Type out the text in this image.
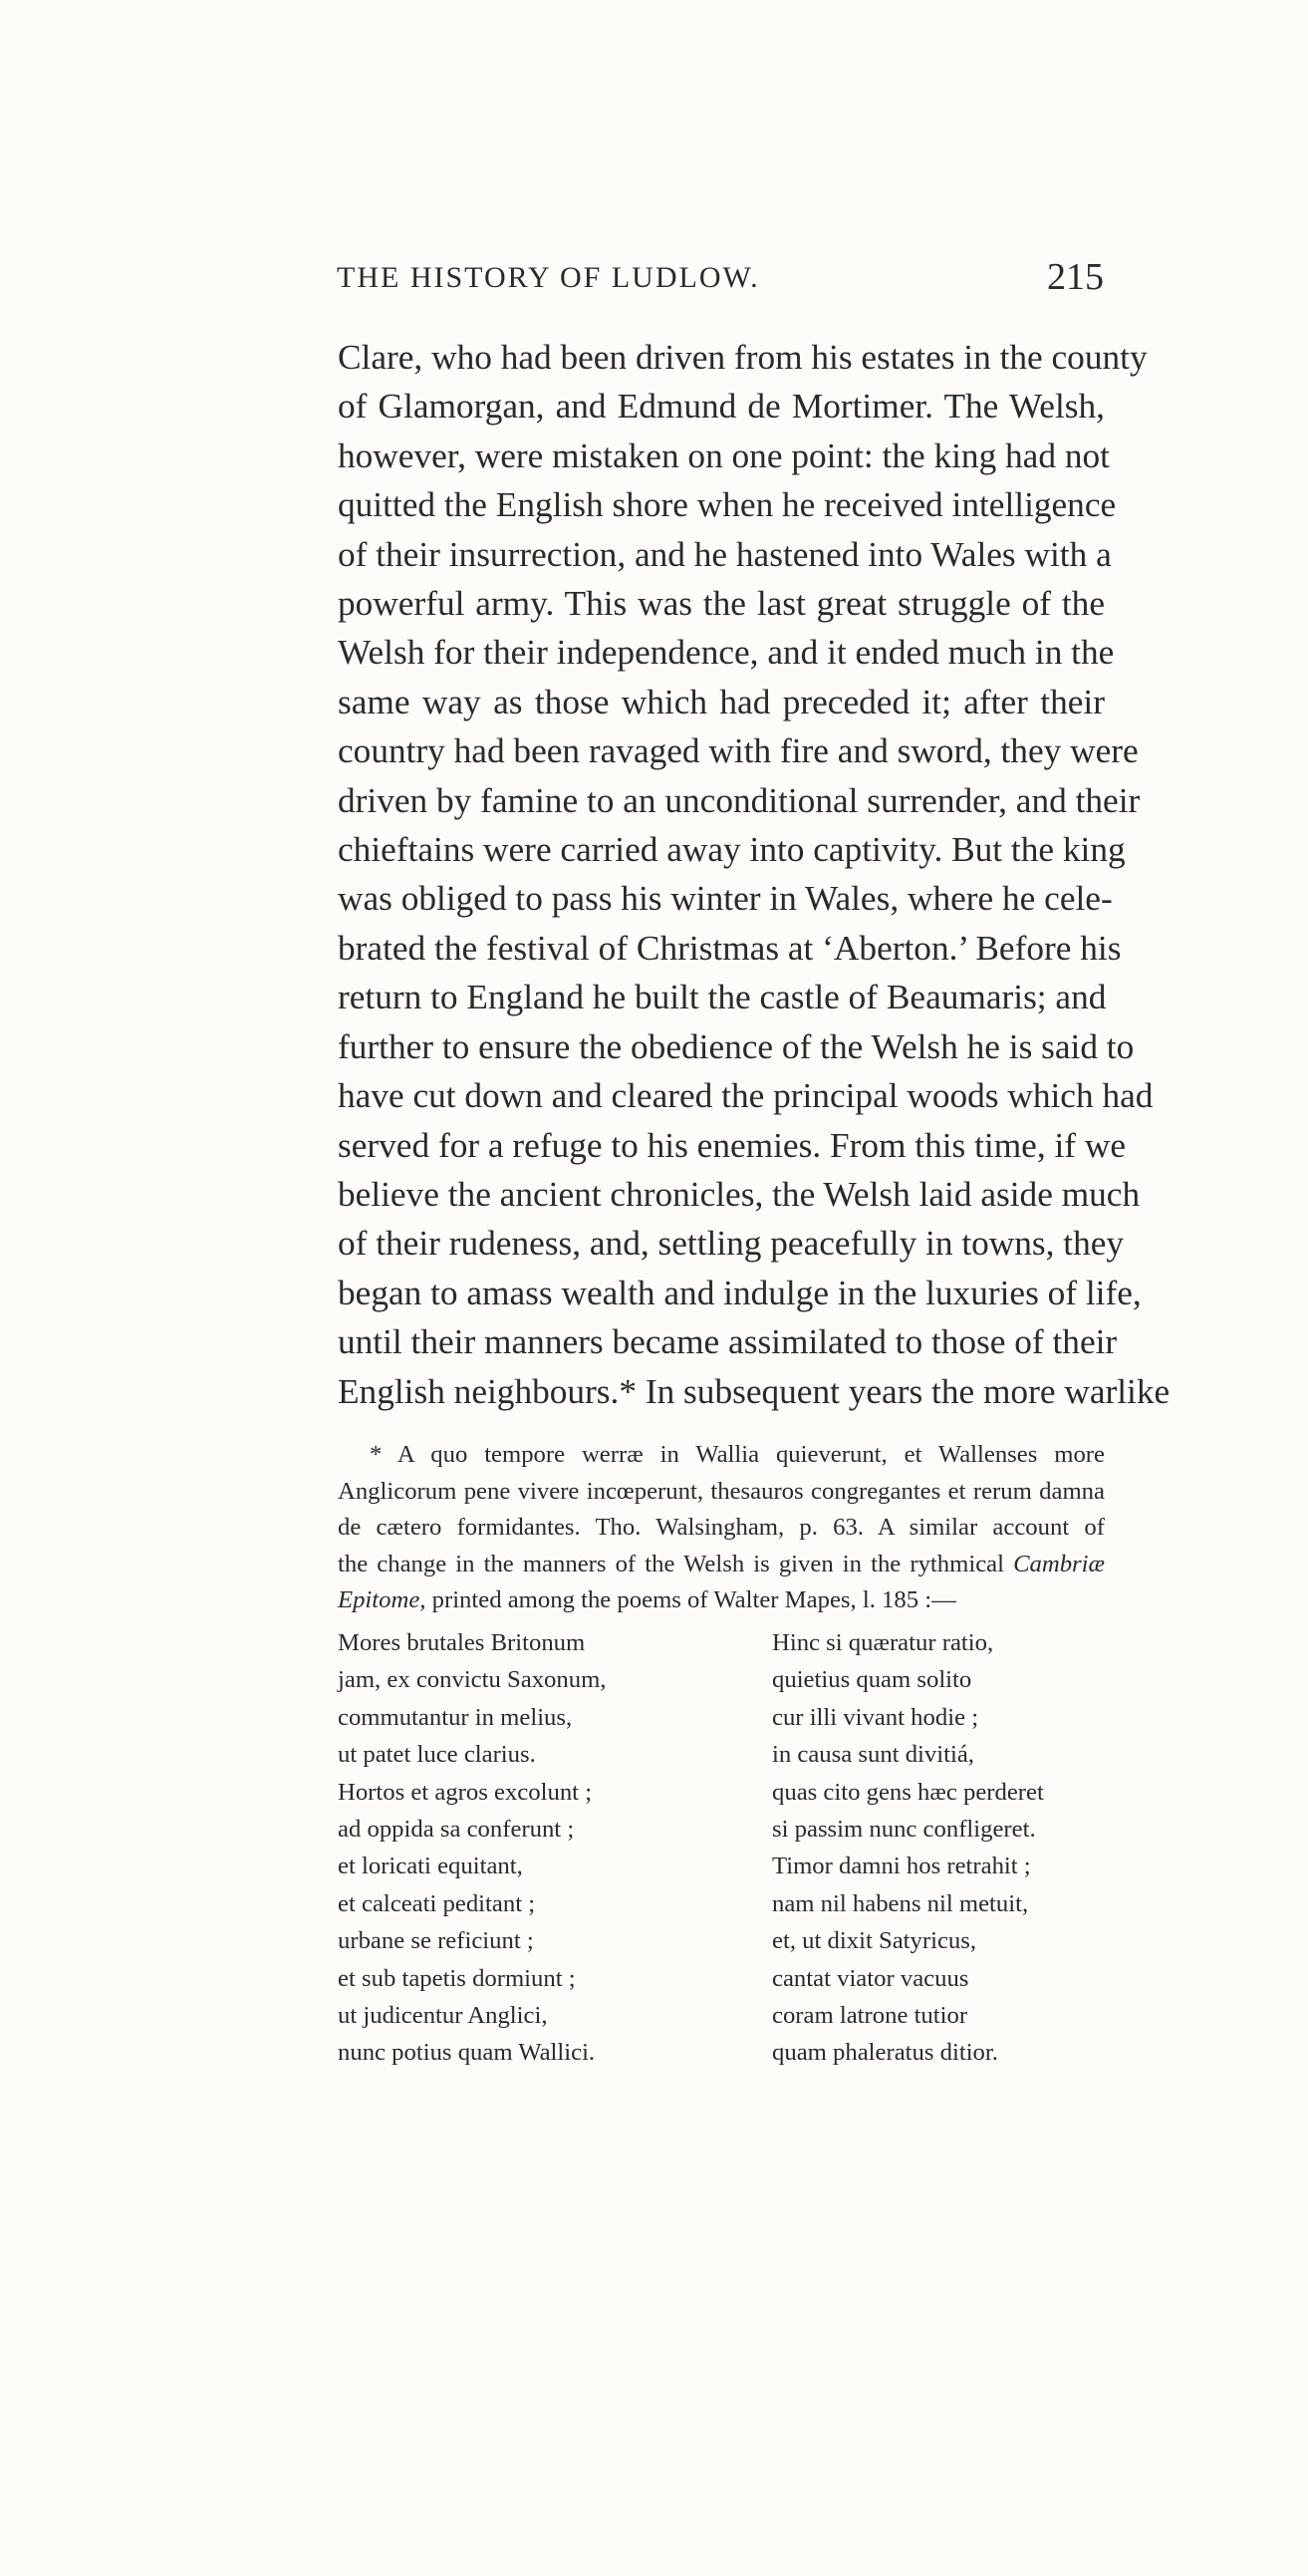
THE HISTORY OF LUDLOW.	215
Clare, who had been driven from his estates in the county
of Glamorgan, and Edmund de Mortimer. The Welsh,
however, were mistaken on one point: the king had not
quitted the English shore when he received intelligence
of their insurrection, and he hastened into Wales with a
powerful army. This was the last great struggle of the
Welsh for their independence, and it ended much in the
same way as those which had preceded it; after their
country had been ravaged with fire and sword, they were
driven by famine to an unconditional surrender, and their
chieftains were carried away into captivity. But the king
was obliged to pass his winter in Wales, where he cele-
brated the festival of Christmas at ‘Aberton.’ Before his
return to England he built the castle of Beaumaris; and
further to ensure the obedience of the Welsh he is said to
have cut down and cleared the principal woods which had
served for a refuge to his enemies. From this time, if we
believe the ancient chronicles, the Welsh laid aside much
of their rudeness, and, settling peacefully in towns, they
began to amass wealth and indulge in the luxuries of life,
until their manners became assimilated to those of their
English neighbours.* In subsequent years the more warlike
* A quo tempore werræ in Wallia quieverunt, et Wallenses more
Anglicorum pene vivere incœperunt, thesauros congregantes et rerum damna
de cætero formidantes. Tho. Walsingham, p. 63. A similar account of
the change in the manners of the Welsh is given in the rythmical Cambriæ
Epitome, printed among the poems of Walter Mapes, l. 185 :—
Mores brutales Britonum
jam, ex convictu Saxonum,
commutantur in melius,
ut patet luce clarius.
Hortos et agros excolunt ;
ad oppida sa conferunt ;
et loricati equitant,
et calceati peditant ;
urbane se reficiunt ;
et sub tapetis dormiunt ;
ut judicentur Anglici,
nunc potius quam Wallici.
Hinc si quæratur ratio,
quietius quam solito
cur illi vivant hodie ;
in causa sunt divitiá,
quas cito gens hæc perderet
si passim nunc confligeret.
Timor damni hos retrahit ;
nam nil habens nil metuit,
et, ut dixit Satyricus,
cantat viator vacuus
coram latrone tutior
quam phaleratus ditior.
